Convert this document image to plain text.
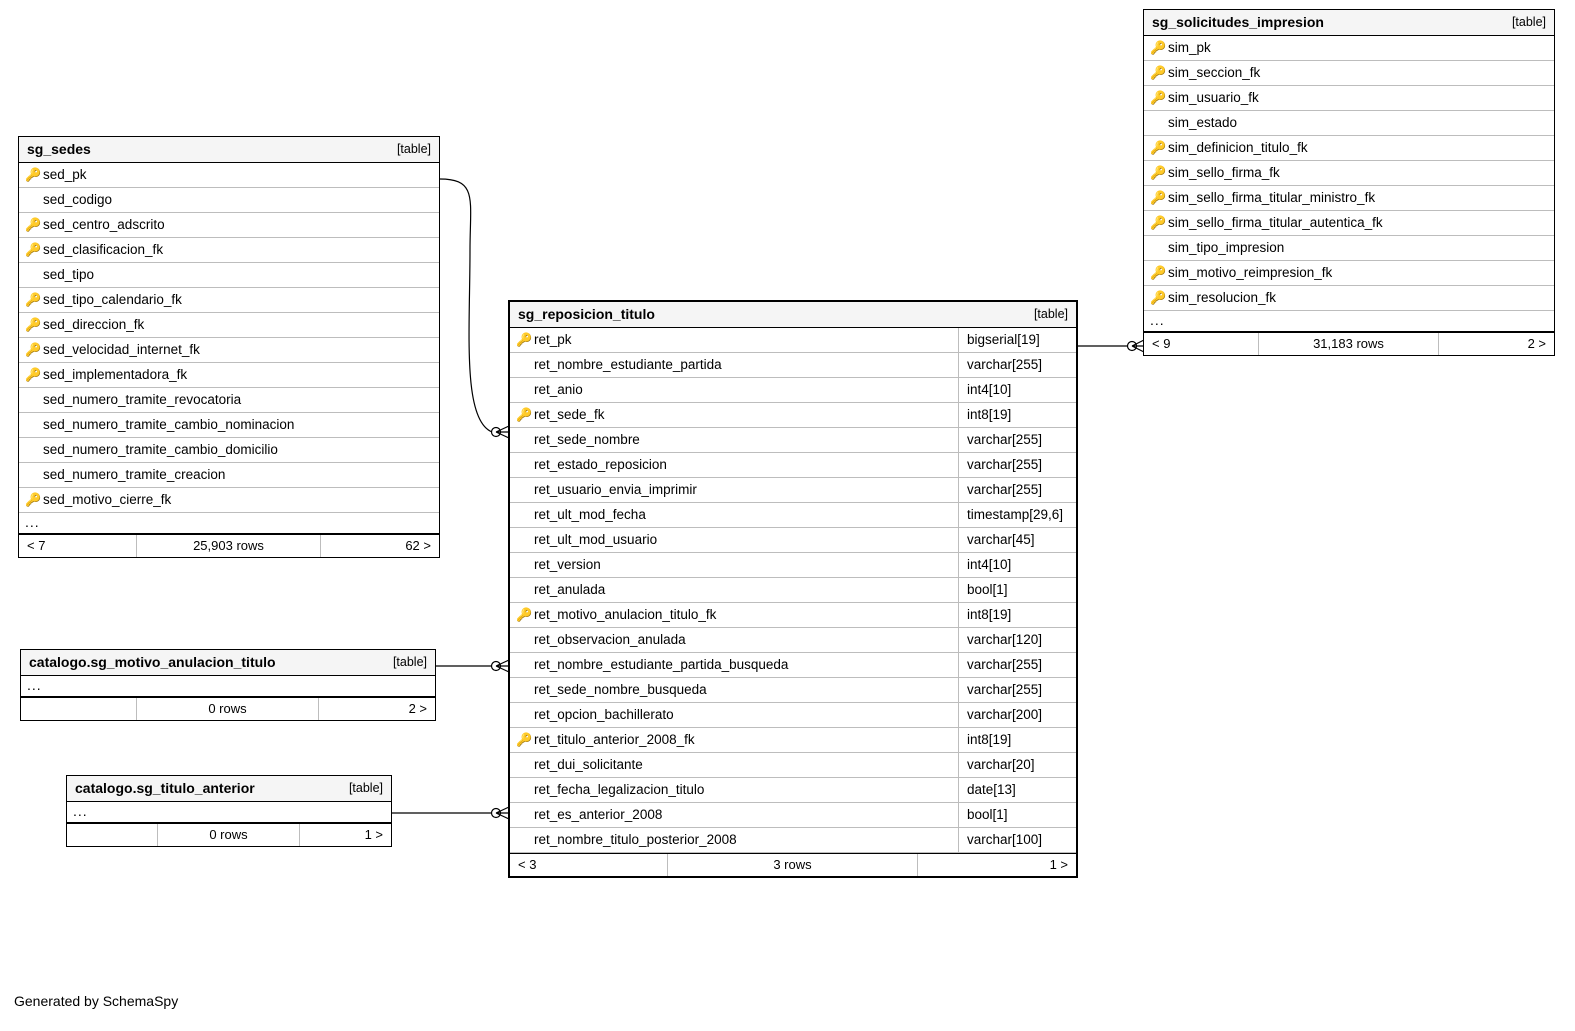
sg_sedes	[table]
🔑 sed_pk
sed_codigo
🔑 sed_centro_adscrito
🔑 sed_clasificacion_fk
sed_tipo
🔑 sed_tipo_calendario_fk
🔑 sed_direccion_fk
🔑 sed_velocidad_internet_fk
🔑 sed_implementadora_fk
sed_numero_tramite_revocatoria
sed_numero_tramite_cambio_nominacion
sed_numero_tramite_cambio_domicilio
sed_numero_tramite_creacion
🔑 sed_motivo_cierre_fk
...
< 7	25,903 rows	62 >
catalogo.sg_motivo_anulacion_titulo	[table]
...
0 rows	2 >
catalogo.sg_titulo_anterior	[table]
...
0 rows	1 >
sg_reposicion_titulo	[table]
🔑 ret_pk	bigserial[19]
ret_nombre_estudiante_partida	varchar[255]
ret_anio	int4[10]
🔑 ret_sede_fk	int8[19]
ret_sede_nombre	varchar[255]
ret_estado_reposicion	varchar[255]
ret_usuario_envia_imprimir	varchar[255]
ret_ult_mod_fecha	timestamp[29,6]
ret_ult_mod_usuario	varchar[45]
ret_version	int4[10]
ret_anulada	bool[1]
🔑 ret_motivo_anulacion_titulo_fk	int8[19]
ret_observacion_anulada	varchar[120]
ret_nombre_estudiante_partida_busqueda	varchar[255]
ret_sede_nombre_busqueda	varchar[255]
ret_opcion_bachillerato	varchar[200]
🔑 ret_titulo_anterior_2008_fk	int8[19]
ret_dui_solicitante	varchar[20]
ret_fecha_legalizacion_titulo	date[13]
ret_es_anterior_2008	bool[1]
ret_nombre_titulo_posterior_2008	varchar[100]
< 3	3 rows	1 >
sg_solicitudes_impresion	[table]
🔑 sim_pk
🔑 sim_seccion_fk
🔑 sim_usuario_fk
sim_estado
🔑 sim_definicion_titulo_fk
🔑 sim_sello_firma_fk
🔑 sim_sello_firma_titular_ministro_fk
🔑 sim_sello_firma_titular_autentica_fk
sim_tipo_impresion
🔑 sim_motivo_reimpresion_fk
🔑 sim_resolucion_fk
...
< 9	31,183 rows	2 >
Generated by SchemaSpy
